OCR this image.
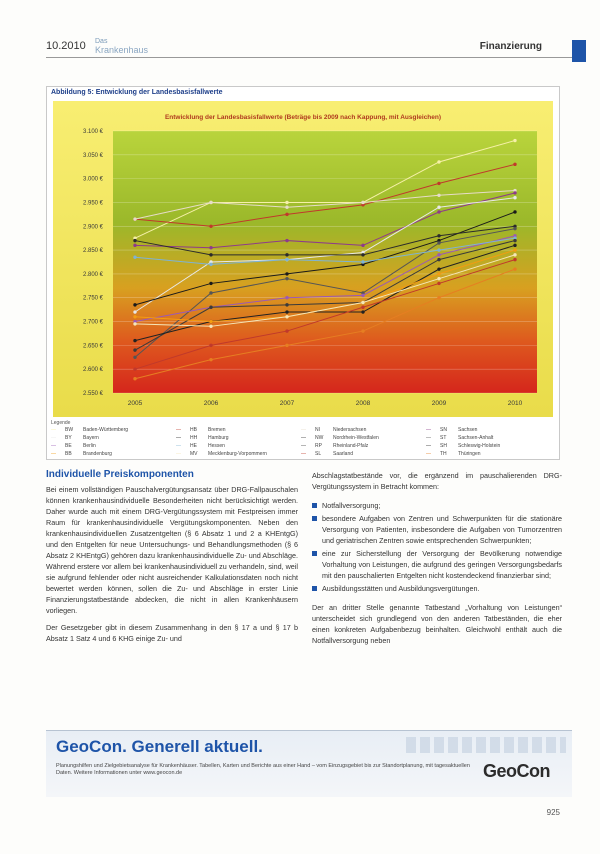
10.2010 Das
Krankenhaus	Finanzierung
Abbildung 5: Entwicklung der Landesbasisfallwerte
Entwicklung der Landesbasisfallwerte (Beträge bis 2009 nach Kappung, mit Ausgleichen)
3.100 €
3.050 €
3.000 €
2.950 €
2.900 €
2.850 €
2.800 €
2.750 €
2.700 €
2.650 €
2.600 €
2.550 €
2005	2006	2007	2008	2009	2010
Legende
—	BW	Baden-Württemberg	—	HB	Bremen	—	NI	Niedersachsen	—	SN	Sachsen
—	BY	Bayern	—	HH	Hamburg	—	NW	Nordrhein-Westfalen	—	ST	Sachsen-Anhalt
—	BE	Berlin	—	HE	Hessen	—	RP	Rheinland-Pfalz	—	SH	Schleswig-Holstein
—	BB	Brandenburg	—	MV	Mecklenburg-Vorpommern	—	SL	Saarland	—	TH	Thüringen
Individuelle Preiskomponenten

Bei einem vollständigen Pauschalvergütungsansatz über DRG-Fallpauschalen können krankenhausindividuelle Besonderheiten nicht berücksichtigt werden. Daher wurde auch mit einem DRG-Vergütungssystem mit Festpreisen immer Raum für krankenhausindividuelle Vergütungskomponenten. Neben den krankenhausindividuellen Zusatzentgelten (§ 6 Absatz 1 und 2 a KHEntgG) und den Entgelten für neue Untersuchungs- und Behandlungsmethoden (§ 6 Absatz 2 KHEntgG) gehören dazu krankenhausindividuelle Zu- und Abschläge. Während erstere vor allem bei krankenhausindividuell zu verhandeln, sind, weil sie aufgrund fehlender oder nicht ausreichender Kalkulationsdaten noch nicht bewertet werden können, sollen die Zu- und Abschläge in erster Linie Finanzierungstatbestände abdecken, die nicht in allen Krankenhäusern vorliegen.

Der Gesetzgeber gibt in diesem Zusammenhang in den § 17 a und § 17 b Absatz 1 Satz 4 und 6 KHG einige Zu- und

Abschlagstatbestände vor, die ergänzend im pauschalierenden DRG-Vergütungssystem in Betracht kommen:

Notfallversorgung;
besondere Aufgaben von Zentren und Schwerpunkten für die stationäre Versorgung von Patienten, insbesondere die Aufgaben von Tumorzentren und geriatrischen Zentren sowie entsprechenden Schwerpunkten;
eine zur Sicherstellung der Versorgung der Bevölkerung notwendige Vorhaltung von Leistungen, die aufgrund des geringen Versorgungsbedarfs mit den pauschalierten Entgelten nicht kostendeckend finanzierbar sind;
Ausbildungsstätten und Ausbildungsvergütungen.

Der an dritter Stelle genannte Tatbestand „Vorhaltung von Leistungen“ unterscheidet sich grundlegend von den anderen Tatbeständen, die eher einen konkreten Aufgabenbezug beinhalten. Gleichwohl enthält auch die Notfallversorgung neben

GeoCon. Generell aktuell.
Planungshilfen und Zielgebietsanalyse für Krankenhäuser. Tabellen, Karten und Berichte aus einer Hand – vom Einzugsgebiet bis zur Standortplanung, mit tagesaktuellen Daten. Weitere Informationen unter www.geocon.de	GeoCon
925
